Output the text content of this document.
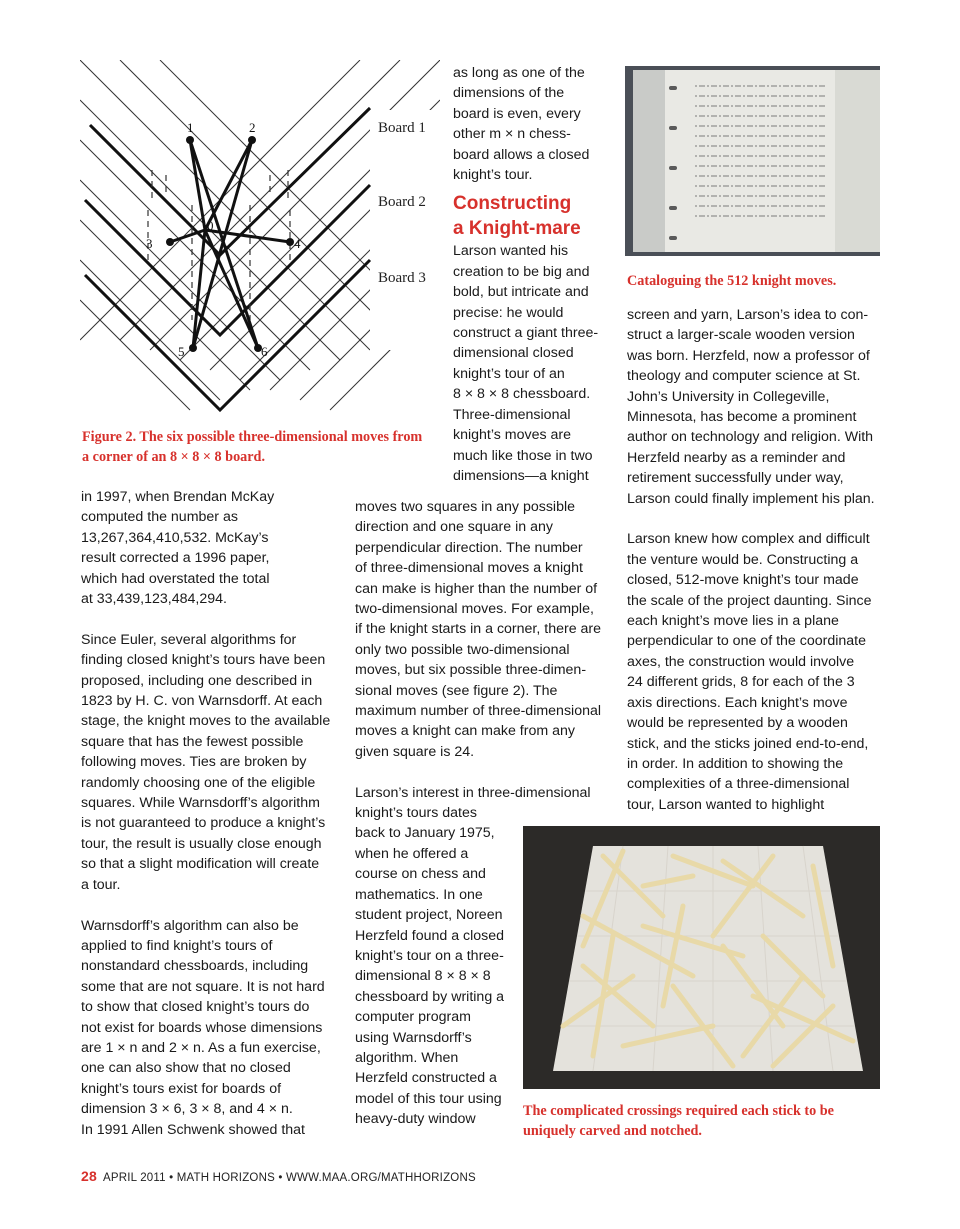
1	2
0
3	4
5	6
Board 1
Board 2
Board 3
Figure 2. The six possible three-dimensional moves from
a corner of an 8 × 8 × 8 board.
as long as one of the
dimensions of the
board is even, every
other m × n chess-
board allows a closed
knight’s tour.
Constructing
a Knight-mare
Larson wanted his
creation to be big and
bold, but intricate and
precise: he would
construct a giant three-
dimensional closed
knight’s tour of an
8 × 8 × 8 chessboard.
Three-dimensional
knight’s moves are
much like those in two
dimensions—a knight
moves two squares in any possible
direction and one square in any
perpendicular direction. The number
of three-dimensional moves a knight
can make is higher than the number of
two-dimensional moves. For example,
if the knight starts in a corner, there are
only two possible two-dimensional
moves, but six possible three-dimen-
sional moves (see figure 2). The
maximum number of three-dimensional
moves a knight can make from any
given square is 24.
Larson’s interest in three-dimensional
knight’s tours dates
back to January 1975,
when he offered a
course on chess and
mathematics. In one
student project, Noreen
Herzfeld found a closed
knight’s tour on a three-
dimensional 8 × 8 × 8
chessboard by writing a
computer program
using Warnsdorff’s
algorithm. When
Herzfeld constructed a
model of this tour using
heavy-duty window
in 1997, when Brendan McKay
computed the number as
13,267,364,410,532. McKay’s
result corrected a 1996 paper,
which had overstated the total
at 33,439,123,484,294.
Since Euler, several algorithms for
finding closed knight’s tours have been
proposed, including one described in
1823 by H. C. von Warnsdorff. At each
stage, the knight moves to the available
square that has the fewest possible
following moves. Ties are broken by
randomly choosing one of the eligible
squares. While Warnsdorff’s algorithm
is not guaranteed to produce a knight’s
tour, the result is usually close enough
so that a slight modification will create
a tour.
Warnsdorff’s algorithm can also be
applied to find knight’s tours of
nonstandard chessboards, including
some that are not square. It is not hard
to show that closed knight’s tours do
not exist for boards whose dimensions
are 1 × n and 2 × n. As a fun exercise,
one can also show that no closed
knight’s tours exist for boards of
dimension 3 × 6, 3 × 8, and 4 × n.
In 1991 Allen Schwenk showed that
Cataloguing the 512 knight moves.
screen and yarn, Larson’s idea to con-
struct a larger-scale wooden version
was born. Herzfeld, now a professor of
theology and computer science at St.
John’s University in Collegeville,
Minnesota, has become a prominent
author on technology and religion. With
Herzfeld nearby as a reminder and
retirement successfully under way,
Larson could finally implement his plan.
Larson knew how complex and difficult
the venture would be. Constructing a
closed, 512-move knight’s tour made
the scale of the project daunting. Since
each knight’s move lies in a plane
perpendicular to one of the coordinate
axes, the construction would involve
24 different grids, 8 for each of the 3
axis directions. Each knight’s move
would be represented by a wooden
stick, and the sticks joined end-to-end,
in order. In addition to showing the
complexities of a three-dimensional
tour, Larson wanted to highlight
The complicated crossings required each stick to be
uniquely carved and notched.
28 APRIL 2011 • MATH HORIZONS • WWW.MAA.ORG/MATHHORIZONS
